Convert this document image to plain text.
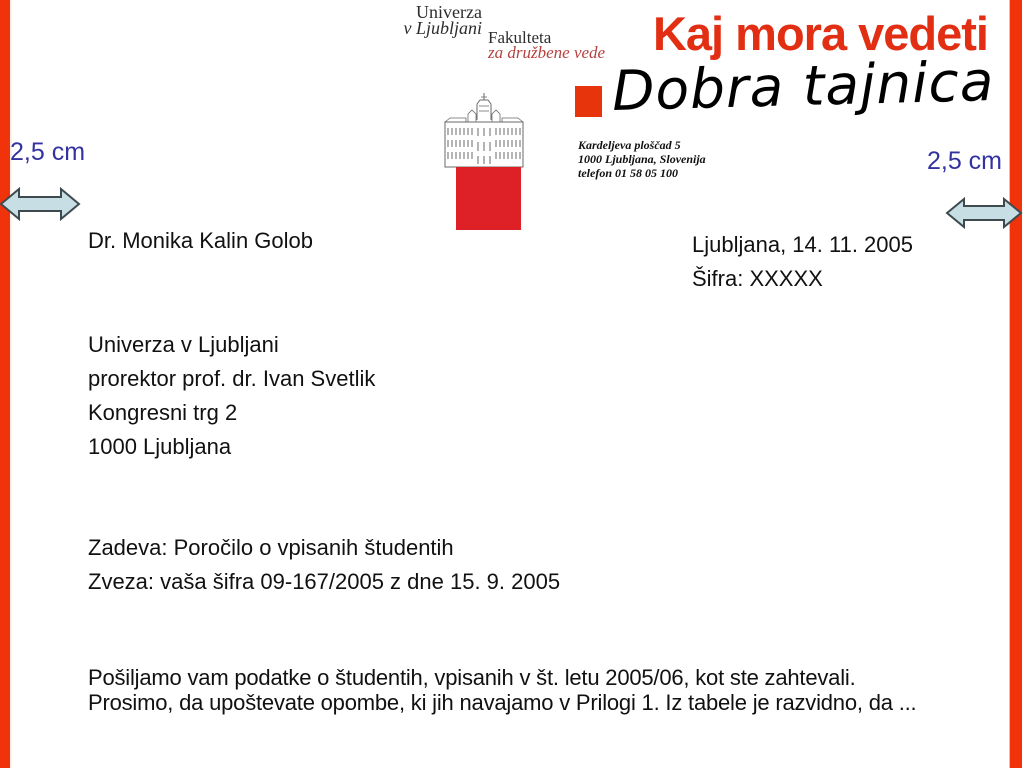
Univerza
v Ljubljani Fakulteta
za družbene vede
Kardeljeva ploščad 5
1000 Ljubljana, Slovenija
telefon 01 58 05 100
Kaj mora vedeti
Dobra tajnica
2,5 cm	2,5 cm
Dr. Monika Kalin Golob	Ljubljana, 14. 11. 2005
Šifra: XXXXX
Univerza v Ljubljani
prorektor prof. dr. Ivan Svetlik
Kongresni trg 2
1000 Ljubljana
Zadeva: Poročilo o vpisanih študentih
Zveza: vaša šifra 09-167/2005 z dne 15. 9. 2005
Pošiljamo vam podatke o študentih, vpisanih v št. letu 2005/06, kot ste zahtevali. Prosimo, da upoštevate opombe, ki jih navajamo v Prilogi 1. Iz tabele je razvidno, da ...
